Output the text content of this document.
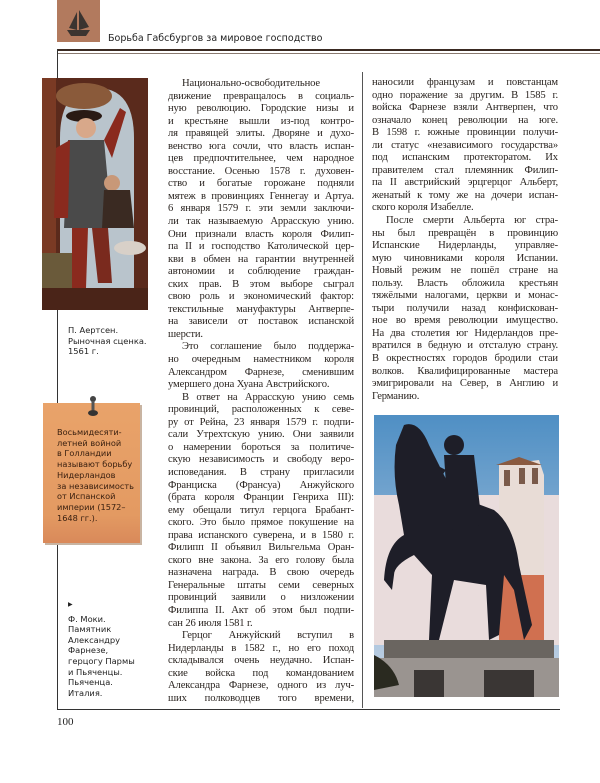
Борьба Габсбургов за мировое господство
П. Аертсен.
Рыночная сценка.
1561 г.
Восьмидесяти-
летней войной
в Голландии
называют борьбу
Нидерландов
за независимость
от Испанской
империи (1572–
1648 гг.).
▶
Ф. Моки.
Памятник
Александру
Фарнезе,
герцогу Пармы
и Пьяченцы.
Пьяченца.
Италия.
Национально-освободительное
движение превращалось в социаль-
ную революцию. Городские низы и
и крестьяне вышли из-под контро-
ля правящей элиты. Дворяне и духо-
венство юга сочли, что власть испан-
цев предпочтительнее, чем народное
восстание. Осенью 1578 г. духовен-
ство и богатые горожане подняли
мятеж в провинциях Геннегау и Артуа.
6 января 1579 г. эти земли заключи-
ли так называемую Аррасскую унию.
Они признали власть короля Филип-
па II и господство Католической цер-
кви в обмен на гарантии внутренней
автономии и соблюдение граждан-
ских прав. В этом выборе сыграл
свою роль и экономический фактор:
текстильные мануфактуры Антверпе-
на зависели от поставок испанской
шерсти.
Это соглашение было поддержа-
но очередным наместником короля
Александром Фарнезе, сменившим
умершего дона Хуана Австрийского.
В ответ на Аррасскую унию семь
провинций, расположенных к севе-
ру от Рейна, 23 января 1579 г. подпи-
сали Утрехтскую унию. Они заявили
о намерении бороться за политиче-
скую независимость и свободу веро-
исповедания. В страну пригласили
Франциска (Франсуа) Анжуйского
(брата короля Франции Генриха III):
ему обещали титул герцога Брабант-
ского. Это было прямое покушение на
права испанского суверена, и в 1580 г.
Филипп II объявил Вильгельма Оран-
ского вне закона. За его голову была
назначена награда. В свою очередь
Генеральные штаты семи северных
провинций заявили о низложении
Филиппа II. Акт об этом был подпи-
сан 26 июля 1581 г.
Герцог Анжуйский вступил в
Нидерланды в 1582 г., но его поход
складывался очень неудачно. Испан-
ские войска под командованием
Александра Фарнезе, одного из луч-
ших полководцев того времени,
наносили французам и повстанцам
одно поражение за другим. В 1585 г.
войска Фарнезе взяли Антверпен, что
означало конец революции на юге.
В 1598 г. южные провинции получи-
ли статус «независимого государства»
под испанским протекторатом. Их
правителем стал племянник Филип-
па II австрийский эрцгерцог Альберт,
женатый к тому же на дочери испан-
ского короля Изабелле.
После смерти Альберта юг стра-
ны был превращён в провинцию
Испанские Нидерланды, управляе-
мую чиновниками короля Испании.
Новый режим не пошёл стране на
пользу. Власть обложила крестьян
тяжёлыми налогами, церкви и монас-
тыри получили назад конфискован-
ное во время революции имущество.
На два столетия юг Нидерландов пре-
вратился в бедную и отсталую страну.
В окрестностях городов бродили стаи
волков. Квалифицированные мастера
эмигрировали на Север, в Англию и
Германию.
100
